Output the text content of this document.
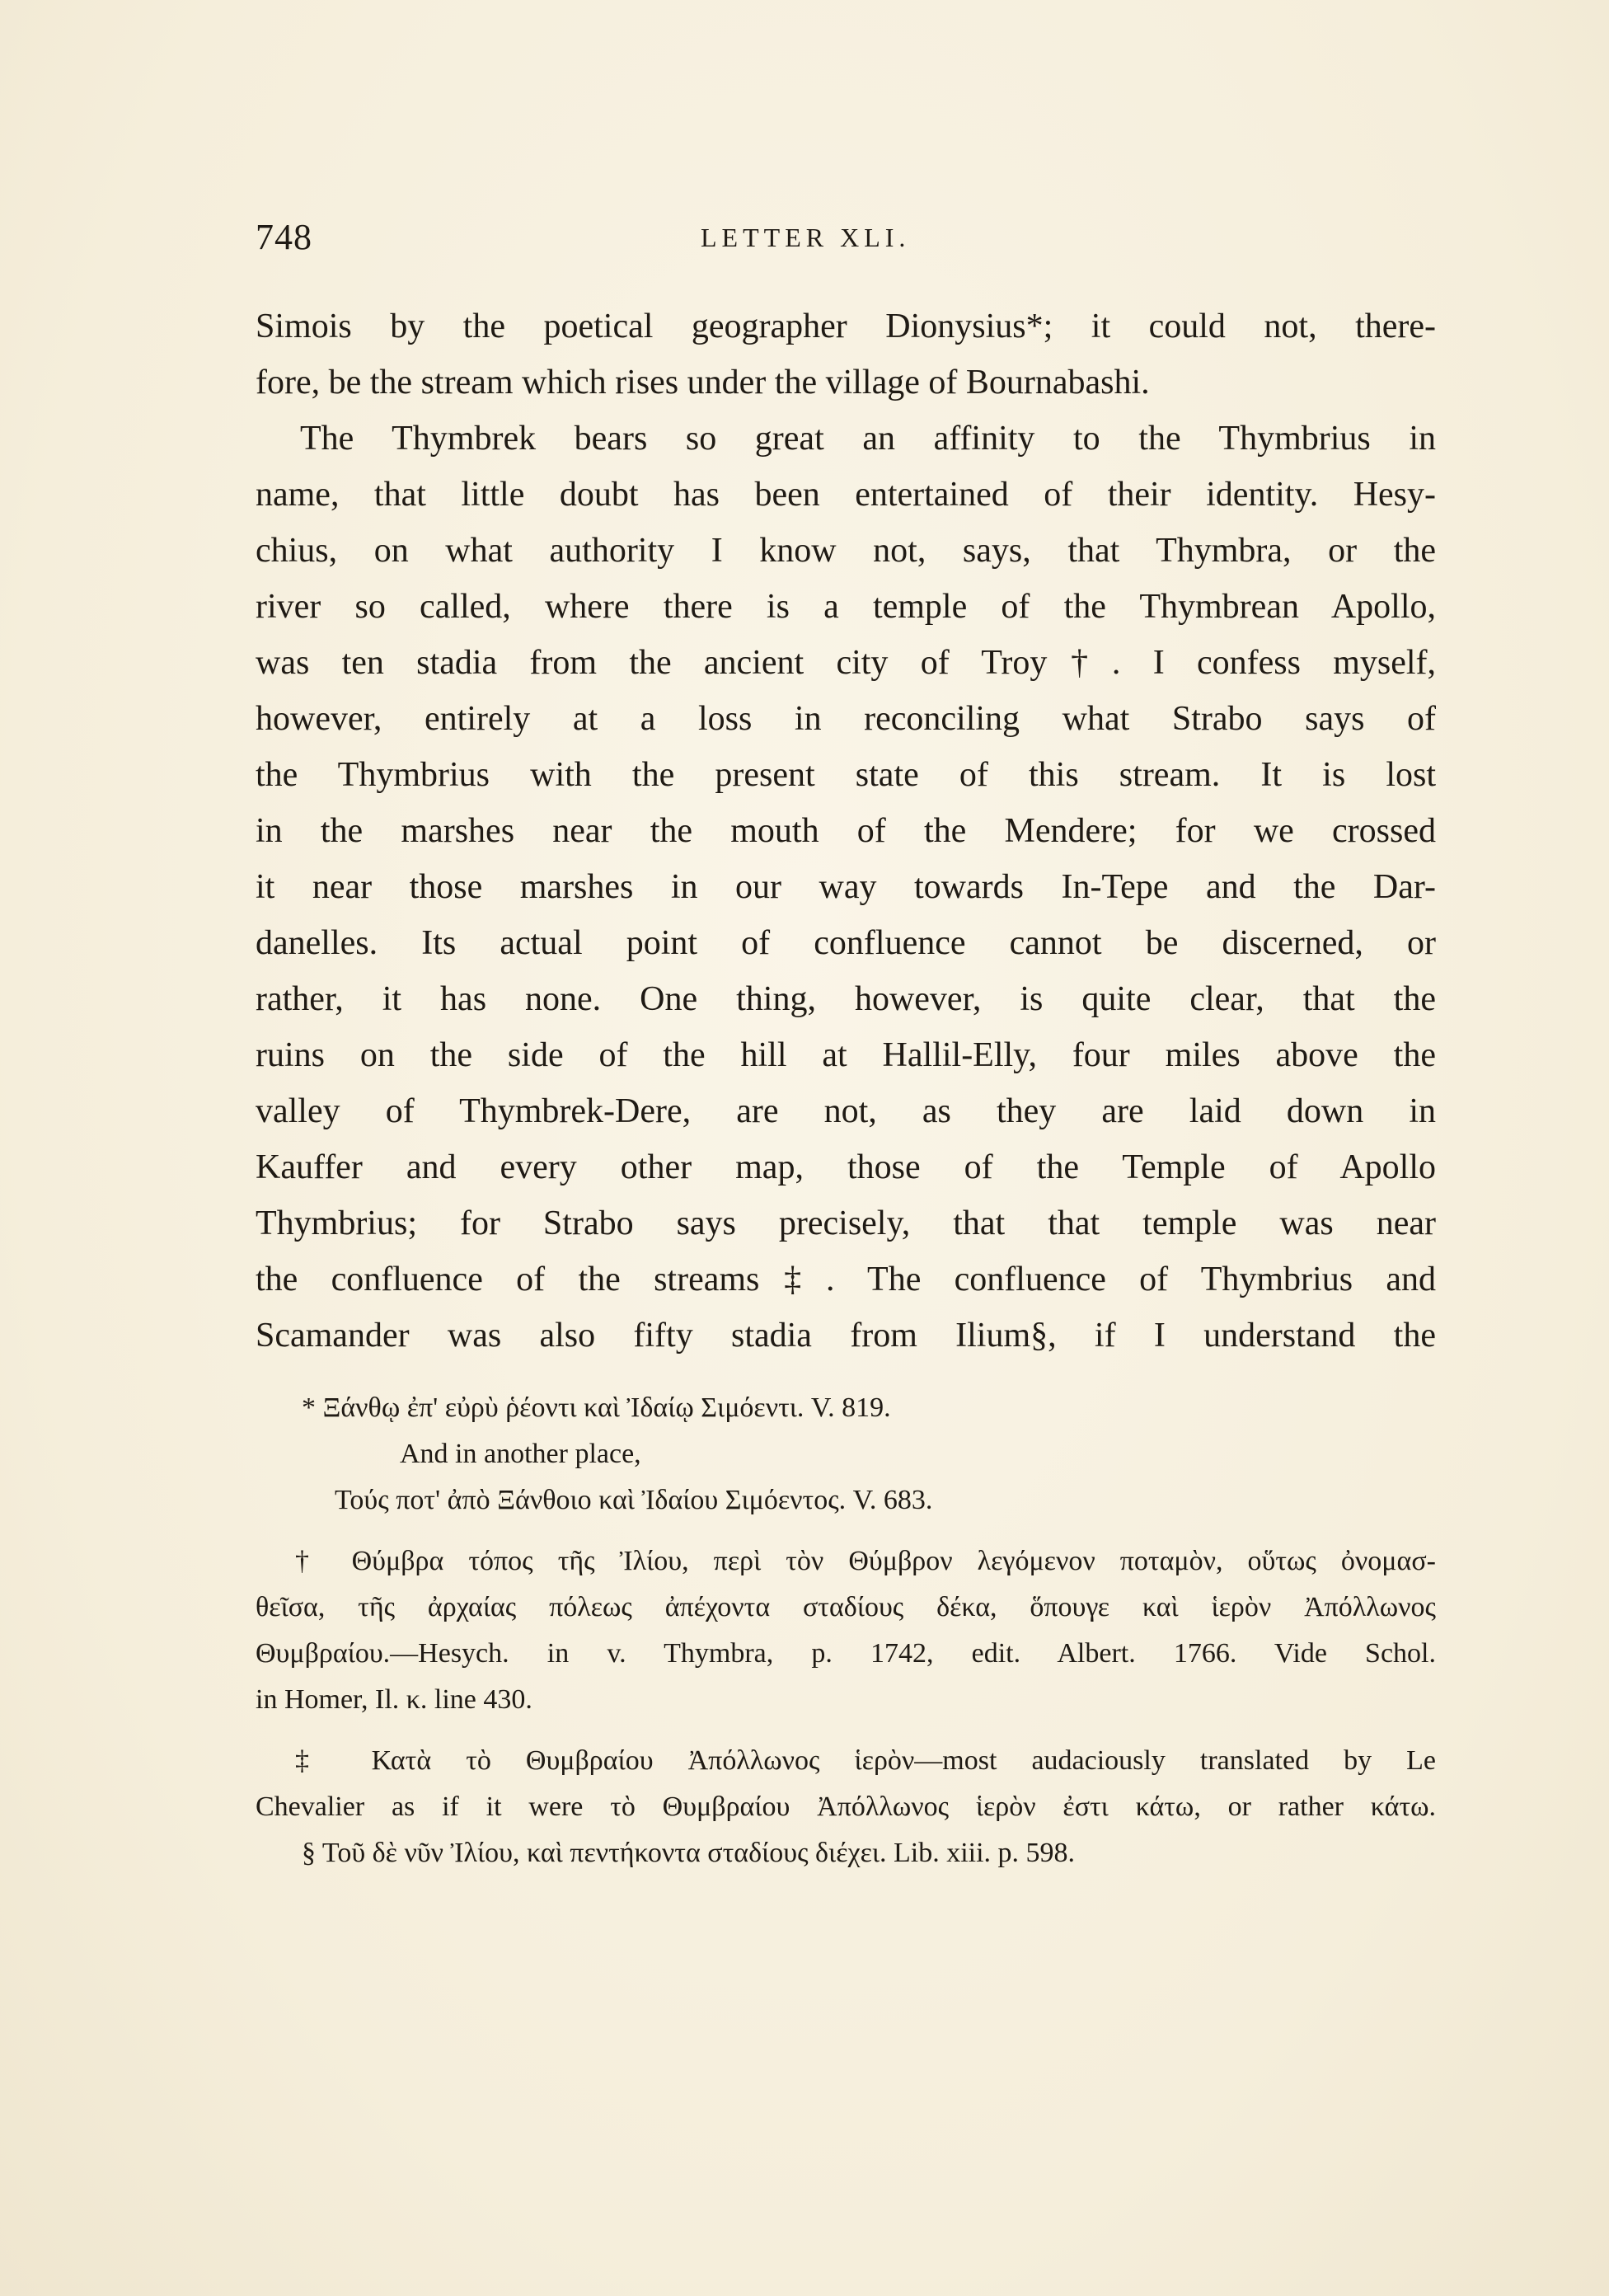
748	LETTER XLI.
Simois by the poetical geographer Dionysius*; it could not, there-
fore, be the stream which rises under the village of Bournabashi.
The Thymbrek bears so great an affinity to the Thymbrius in
name, that little doubt has been entertained of their identity. Hesy-
chius, on what authority I know not, says, that Thymbra, or the
river so called, where there is a temple of the Thymbrean Apollo,
was ten stadia from the ancient city of Troy†. I confess myself,
however, entirely at a loss in reconciling what Strabo says of
the Thymbrius with the present state of this stream. It is lost
in the marshes near the mouth of the Mendere; for we crossed
it near those marshes in our way towards In-Tepe and the Dar-
danelles. Its actual point of confluence cannot be discerned, or
rather, it has none. One thing, however, is quite clear, that the
ruins on the side of the hill at Hallil-Elly, four miles above the
valley of Thymbrek-Dere, are not, as they are laid down in
Kauffer and every other map, those of the Temple of Apollo
Thymbrius; for Strabo says precisely, that that temple was near
the confluence of the streams‡. The confluence of Thymbrius and
Scamander was also fifty stadia from Ilium§, if I understand the
* Ξάνθῳ ἐπ' εὐρὺ ῥέοντι καὶ Ἰδαίῳ Σιμόεντι. V. 819.
And in another place,
Τούς ποτ' ἀπὸ Ξάνθοιο καὶ Ἰδαίου Σιμόεντος. V. 683.
† Θύμβρα τόπος τῆς Ἰλίου, περὶ τὸν Θύμβρον λεγόμενον ποταμὸν, οὕτως ὀνομασ-
θεῖσα, τῆς ἀρχαίας πόλεως ἀπέχοντα σταδίους δέκα, ὅπουγε καὶ ἱερὸν Ἀπόλλωνος
Θυμβραίου.—Hesych. in v. Thymbra, p. 1742, edit. Albert. 1766. Vide Schol.
in Homer, Il. κ. line 430.
‡ Κατὰ τὸ Θυμβραίου Ἀπόλλωνος ἱερὸν—most audaciously translated by Le
Chevalier as if it were τὸ Θυμβραίου Ἀπόλλωνος ἱερὸν ἐστι κάτω, or rather κάτω.
§ Τοῦ δὲ νῦν Ἰλίου, καὶ πεντήκοντα σταδίους διέχει. Lib. xiii. p. 598.
